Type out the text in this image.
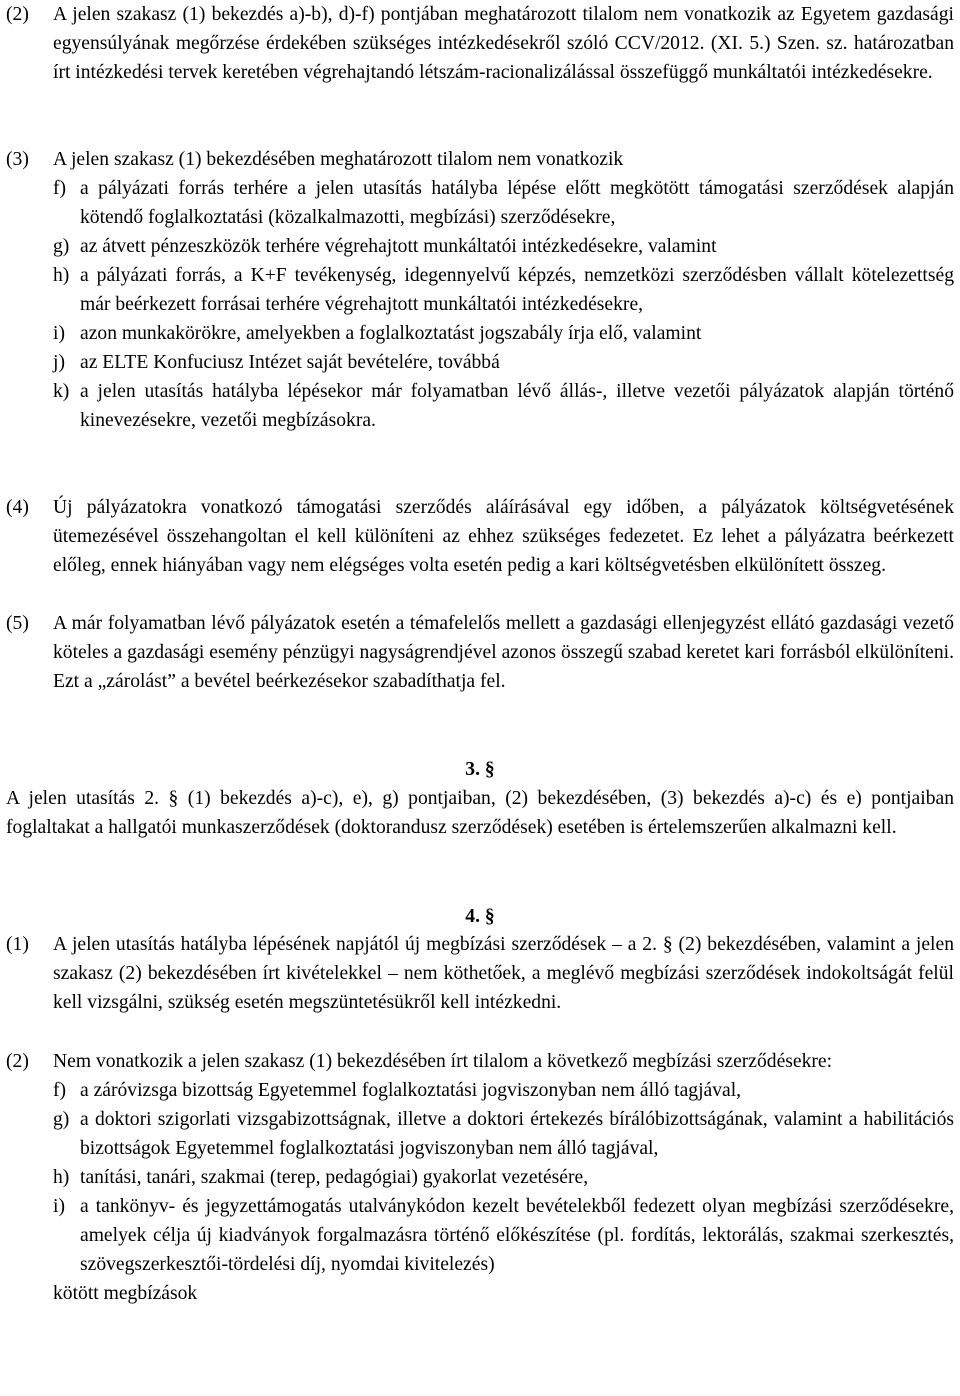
(2) A jelen szakasz (1) bekezdés a)-b), d)-f) pontjában meghatározott tilalom nem vonatkozik az Egyetem gazdasági egyensúlyának megőrzése érdekében szükséges intézkedésekről szóló CCV/2012. (XI. 5.) Szen. sz. határozatban írt intézkedési tervek keretében végrehajtandó létszám-racionalizálással összefüggő munkáltatói intézkedésekre.
(3) A jelen szakasz (1) bekezdésében meghatározott tilalom nem vonatkozik
f) a pályázati forrás terhére a jelen utasítás hatályba lépése előtt megkötött támogatási szerződések alapján kötendő foglalkoztatási (közalkalmazotti, megbízási) szerződésekre,
g) az átvett pénzeszközök terhére végrehajtott munkáltatói intézkedésekre, valamint
h) a pályázati forrás, a K+F tevékenység, idegennyelvű képzés, nemzetközi szerződésben vállalt kötelezettség már beérkezett forrásai terhére végrehajtott munkáltatói intézkedésekre,
i) azon munkakörökre, amelyekben a foglalkoztatást jogszabály írja elő, valamint
j) az ELTE Konfuciusz Intézet saját bevételére, továbbá
k) a jelen utasítás hatályba lépésekor már folyamatban lévő állás-, illetve vezetői pályázatok alapján történő kinevezésekre, vezetői megbízásokra.
(4) Új pályázatokra vonatkozó támogatási szerződés aláírásával egy időben, a pályázatok költségvetésének ütemezésével összehangoltan el kell különíteni az ehhez szükséges fedezetet. Ez lehet a pályázatra beérkezett előleg, ennek hiányában vagy nem elégséges volta esetén pedig a kari költségvetésben elkülönített összeg.
(5) A már folyamatban lévő pályázatok esetén a témafelelős mellett a gazdasági ellenjegyzést ellátó gazdasági vezető köteles a gazdasági esemény pénzügyi nagyságrendjével azonos összegű szabad keretet kari forrásból elkülöníteni. Ezt a „zárolást” a bevétel beérkezésekor szabadíthatja fel.
3. §
A jelen utasítás 2. § (1) bekezdés a)-c), e), g) pontjaiban, (2) bekezdésében, (3) bekezdés a)-c) és e) pontjaiban foglaltakat a hallgatói munkaszerződések (doktorandusz szerződések) esetében is értelemszerűen alkalmazni kell.
4. §
(1) A jelen utasítás hatályba lépésének napjától új megbízási szerződések – a 2. § (2) bekezdésében, valamint a jelen szakasz (2) bekezdésében írt kivételekkel – nem köthetőek, a meglévő megbízási szerződések indokoltságát felül kell vizsgálni, szükség esetén megszüntetésükről kell intézkedni.
(2) Nem vonatkozik a jelen szakasz (1) bekezdésében írt tilalom a következő megbízási szerződésekre:
f) a záróvizsga bizottság Egyetemmel foglalkoztatási jogviszonyban nem álló tagjával,
g) a doktori szigorlati vizsgabizottságnak, illetve a doktori értekezés bírálóbizottságának, valamint a habilitációs bizottságok Egyetemmel foglalkoztatási jogviszonyban nem álló tagjával,
h) tanítási, tanári, szakmai (terep, pedagógiai) gyakorlat vezetésére,
i) a tankönyv- és jegyzettámogatás utalványkódon kezelt bevételekből fedezett olyan megbízási szerződésekre, amelyek célja új kiadványok forgalmazásra történő előkészítése (pl. fordítás, lektorálás, szakmai szerkesztés, szövegszerkesztői-tördelési díj, nyomdai kivitelezés)
kötött megbízások
